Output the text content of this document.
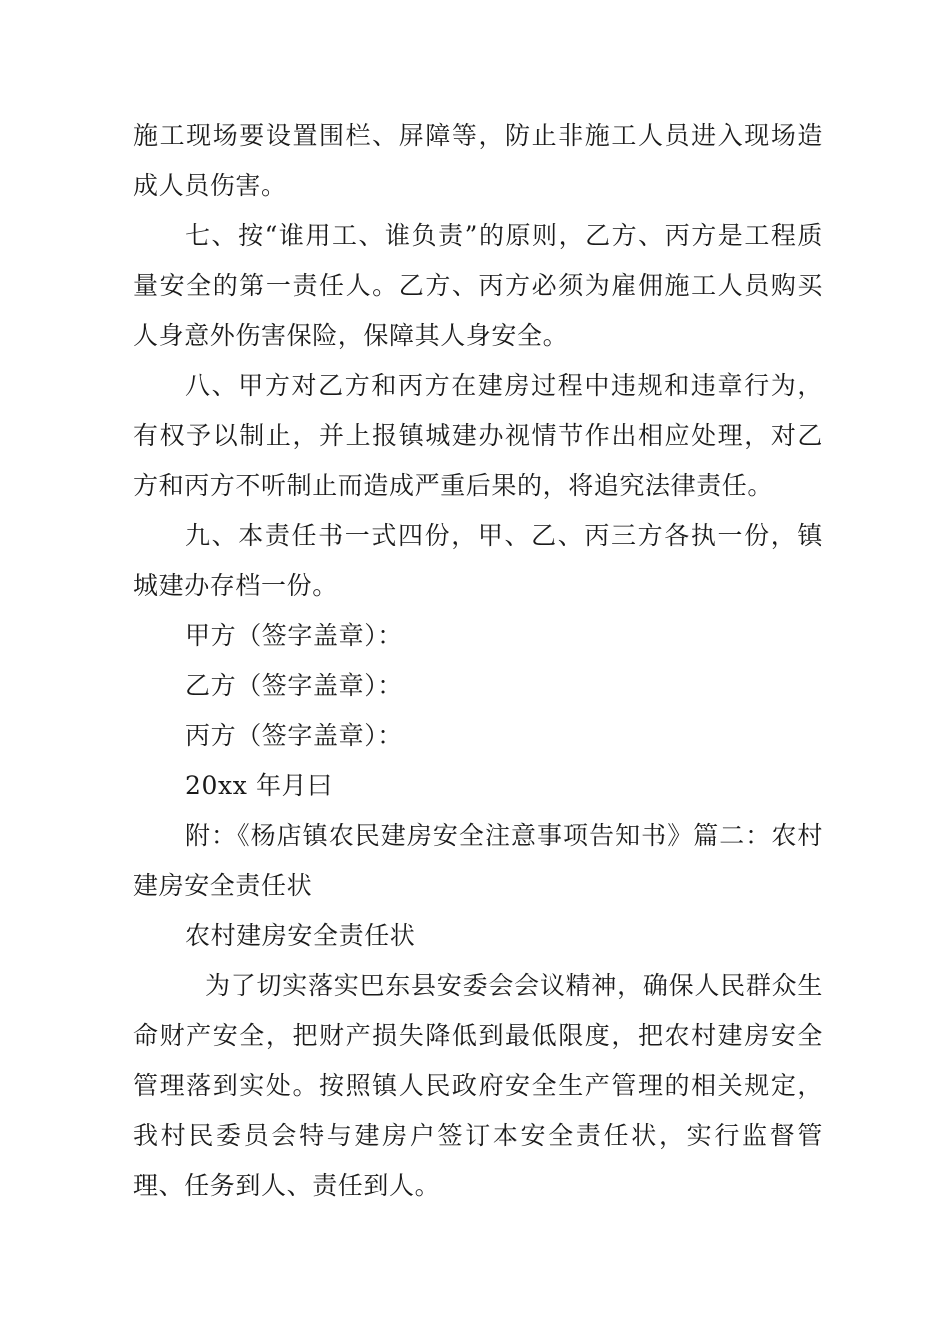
施工现场要设置围栏、屏障等，防止非施工人员进入现场造成人员伤害。

七、按“谁用工、谁负责”的原则，乙方、丙方是工程质量安全的第一责任人。乙方、丙方必须为雇佣施工人员购买人身意外伤害保险，保障其人身安全。

八、甲方对乙方和丙方在建房过程中违规和违章行为，有权予以制止，并上报镇城建办视情节作出相应处理，对乙方和丙方不听制止而造成严重后果的，将追究法律责任。

九、本责任书一式四份，甲、乙、丙三方各执一份，镇城建办存档一份。

甲方（签字盖章）：

乙方（签字盖章）：

丙方（签字盖章）：

20xx 年月曰

附：《杨店镇农民建房安全注意事项告知书》篇二：农村建房安全责任状

农村建房安全责任状

为了切实落实巴东县安委会会议精神，确保人民群众生命财产安全，把财产损失降低到最低限度，把农村建房安全管理落到实处。按照镇人民政府安全生产管理的相关规定，我村民委员会特与建房户签订本安全责任状，实行监督管理、任务到人、责任到人。
